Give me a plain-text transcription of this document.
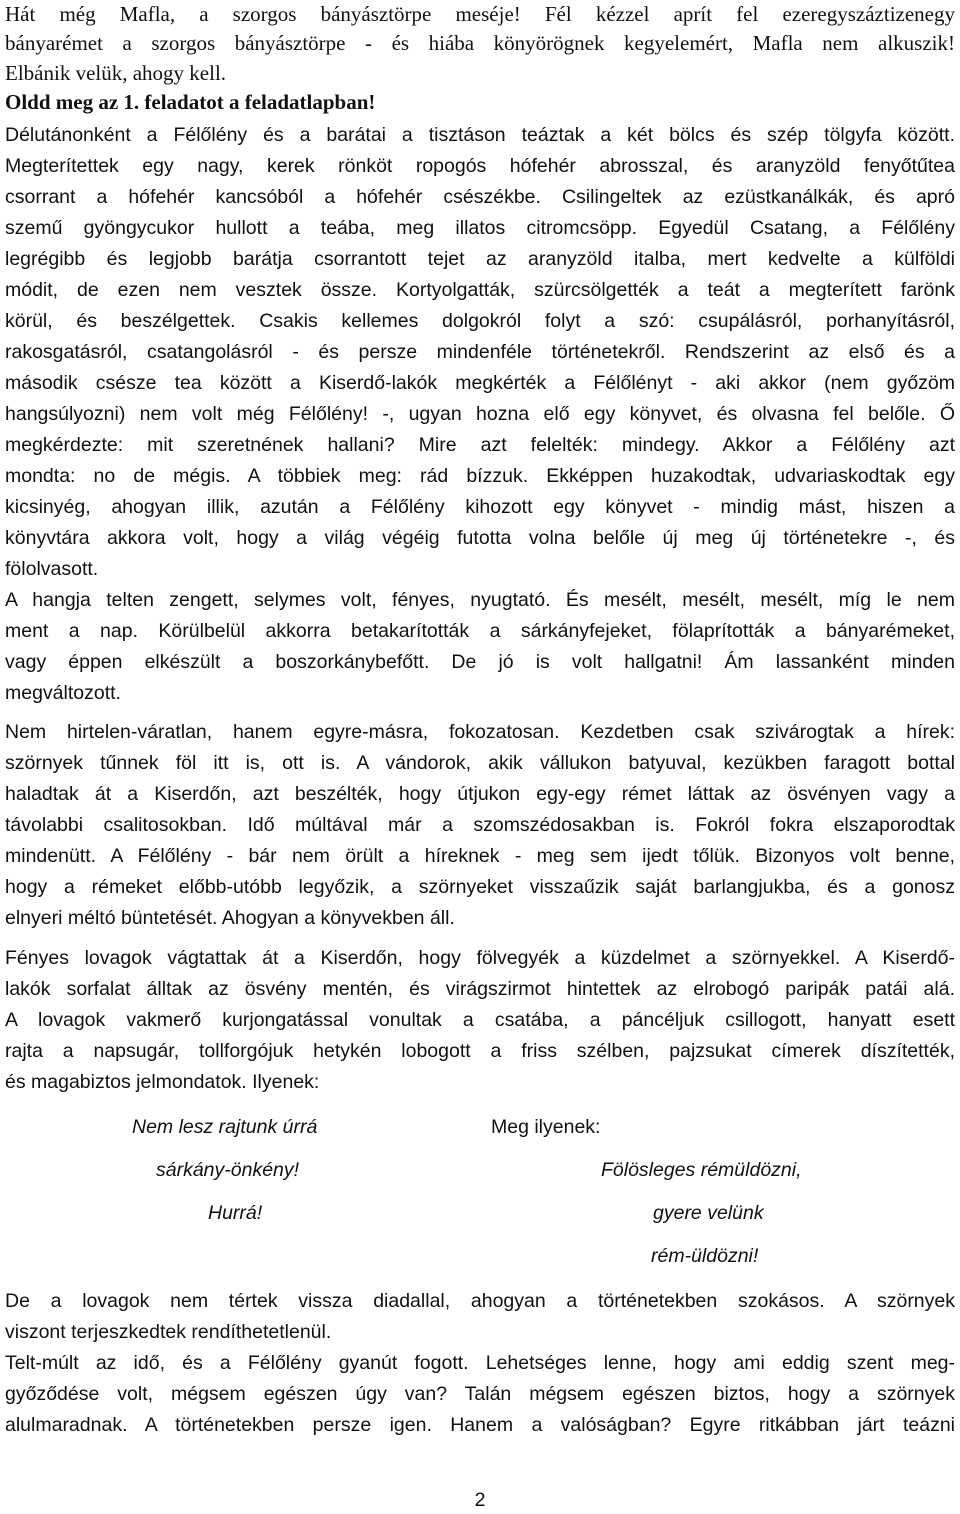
Hát még Mafla, a szorgos bányásztörpe meséje! Fél kézzel aprít fel ezeregyszáztizenegy
bányarémet a szorgos bányásztörpe - és hiába könyörögnek kegyelemért, Mafla nem alkuszik!
Elbánik velük, ahogy kell.
Oldd meg az 1. feladatot a feladatlapban!
Délutánonként a Félőlény és a barátai a tisztáson teáztak a két bölcs és szép tölgyfa között.
Megterítettek egy nagy, kerek rönköt ropogós hófehér abrosszal, és aranyzöld fenyőtűtea
csorrant a hófehér kancsóból a hófehér csészékbe. Csilingeltek az ezüstkanálkák, és apró
szemű gyöngycukor hullott a teába, meg illatos citromcsöpp. Egyedül Csatang, a Félőlény
legrégibb és legjobb barátja csorrantott tejet az aranyzöld italba, mert kedvelte a külföldi
módit, de ezen nem vesztek össze. Kortyolgatták, szürcsölgették a teát a megterített farönk
körül, és beszélgettek. Csakis kellemes dolgokról folyt a szó: csupálásról, porhanyításról,
rakosgatásról, csatangolásról - és persze mindenféle történetekről. Rendszerint az első és a
második csésze tea között a Kiserdő-lakók megkérték a Félőlényt - aki akkor (nem győzöm
hangsúlyozni) nem volt még Félőlény! -, ugyan hozna elő egy könyvet, és olvasna fel belőle. Ő
megkérdezte: mit szeretnének hallani? Mire azt felelték: mindegy. Akkor a Félőlény azt
mondta: no de mégis. A többiek meg: rád bízzuk. Ekképpen huzakodtak, udvariaskodtak egy
kicsinyég, ahogyan illik, azután a Félőlény kihozott egy könyvet - mindig mást, hiszen a
könyvtára akkora volt, hogy a világ végéig futotta volna belőle új meg új történetekre -, és
fölolvasott.
A hangja telten zengett, selymes volt, fényes, nyugtató. És mesélt, mesélt, mesélt, míg le nem
ment a nap. Körülbelül akkorra betakarították a sárkányfejeket, fölaprították a bányarémeket,
vagy éppen elkészült a boszorkánybefőtt. De jó is volt hallgatni! Ám lassanként minden
megváltozott.
Nem hirtelen-váratlan, hanem egyre-másra, fokozatosan. Kezdetben csak szivárogtak a hírek:
szörnyek tűnnek föl itt is, ott is. A vándorok, akik vállukon batyuval, kezükben faragott bottal
haladtak át a Kiserdőn, azt beszélték, hogy útjukon egy-egy rémet láttak az ösvényen vagy a
távolabbi csalitosokban. Idő múltával már a szomszédosakban is. Fokról fokra elszaporodtak
mindenütt. A Félőlény - bár nem örült a híreknek - meg sem ijedt tőlük. Bizonyos volt benne,
hogy a rémeket előbb-utóbb legyőzik, a szörnyeket visszaűzik saját barlangjukba, és a gonosz
elnyeri méltó büntetését. Ahogyan a könyvekben áll.
Fényes lovagok vágtattak át a Kiserdőn, hogy fölvegyék a küzdelmet a szörnyekkel. A Kiserdő-
lakók sorfalat álltak az ösvény mentén, és virágszirmot hintettek az elrobogó paripák patái alá.
A lovagok vakmerő kurjongatással vonultak a csatába, a páncéljuk csillogott, hanyatt esett
rajta a napsugár, tollforgójuk hetykén lobogott a friss szélben, pajzsukat címerek díszítették,
és magabiztos jelmondatok. Ilyenek:
Nem lesz rajtunk úrrá
sárkány-önkény!
Hurrá!
Meg ilyenek:
Fölösleges rémüldözni,
gyere velünk
rém-üldözni!
De a lovagok nem tértek vissza diadallal, ahogyan a történetekben szokásos. A szörnyek
viszont terjeszkedtek rendíthetetlenül.
Telt-múlt az idő, és a Félőlény gyanút fogott. Lehetséges lenne, hogy ami eddig szent meg-
győződése volt, mégsem egészen úgy van? Talán mégsem egészen biztos, hogy a szörnyek
alulmaradnak. A történetekben persze igen. Hanem a valóságban? Egyre ritkábban járt teázni
2
